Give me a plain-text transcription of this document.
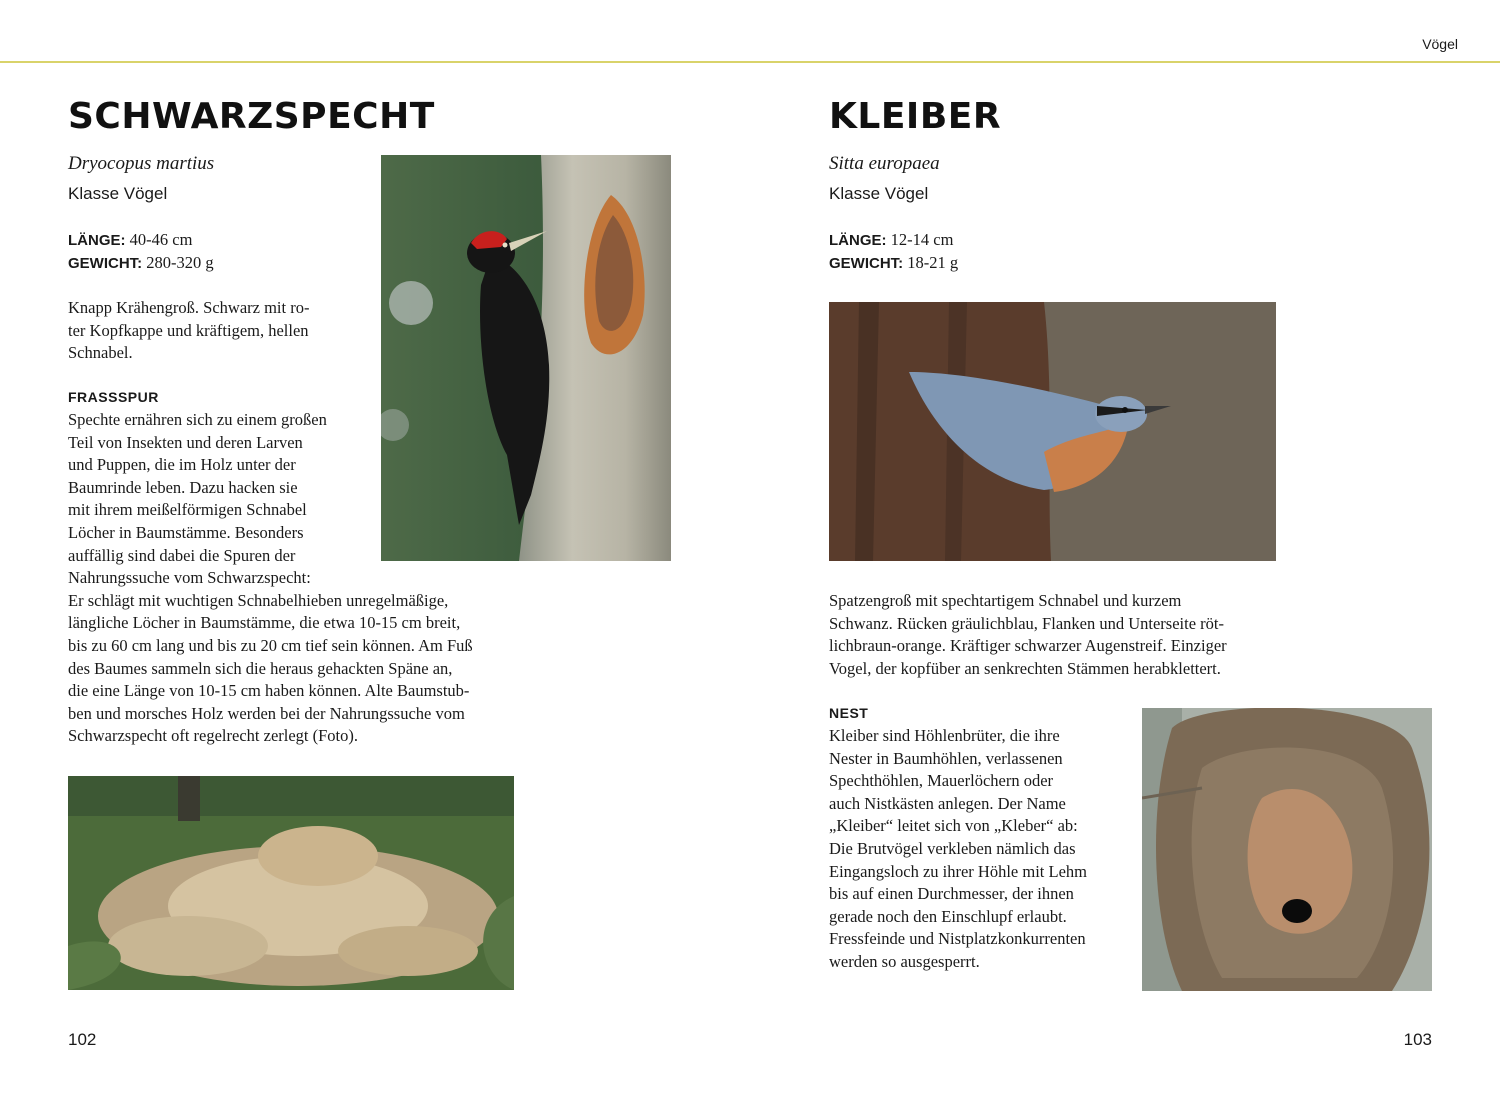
Vögel
SCHWARZSPECHT
Dryocopus martius
Klasse Vögel
LÄNGE: 40-46 cm
GEWICHT: 280-320 g
Knapp Krähengroß. Schwarz mit ro-
ter Kopfkappe und kräftigem, hellen
Schnabel.
FRASSSPUR
Spechte ernähren sich zu einem großen
Teil von Insekten und deren Larven
und Puppen, die im Holz unter der
Baumrinde leben. Dazu hacken sie
mit ihrem meißelförmigen Schnabel
Löcher in Baumstämme. Besonders
auffällig sind dabei die Spuren der
Nahrungssuche vom Schwarzspecht:
Er schlägt mit wuchtigen Schnabelhieben unregelmäßige,
längliche Löcher in Baumstämme, die etwa 10-15 cm breit,
bis zu 60 cm lang und bis zu 20 cm tief sein können. Am Fuß
des Baumes sammeln sich die heraus gehackten Späne an,
die eine Länge von 10-15 cm haben können. Alte Baumstub-
ben und morsches Holz werden bei der Nahrungssuche vom
Schwarzspecht oft regelrecht zerlegt (Foto).
102
KLEIBER
Sitta europaea
Klasse Vögel
LÄNGE: 12-14 cm
GEWICHT: 18-21 g
Spatzengroß mit spechtartigem Schnabel und kurzem
Schwanz. Rücken gräulichblau, Flanken und Unterseite röt-
lichbraun-orange. Kräftiger schwarzer Augenstreif. Einziger
Vogel, der kopfüber an senkrechten Stämmen herabklettert.
NEST
Kleiber sind Höhlenbrüter, die ihre
Nester in Baumhöhlen, verlassenen
Spechthöhlen, Mauerlöchern oder
auch Nistkästen anlegen. Der Name
„Kleiber“ leitet sich von „Kleber“ ab:
Die Brutvögel verkleben nämlich das
Eingangsloch zu ihrer Höhle mit Lehm
bis auf einen Durchmesser, der ihnen
gerade noch den Einschlupf erlaubt.
Fressfeinde und Nistplatzkonkurrenten
werden so ausgesperrt.
103
